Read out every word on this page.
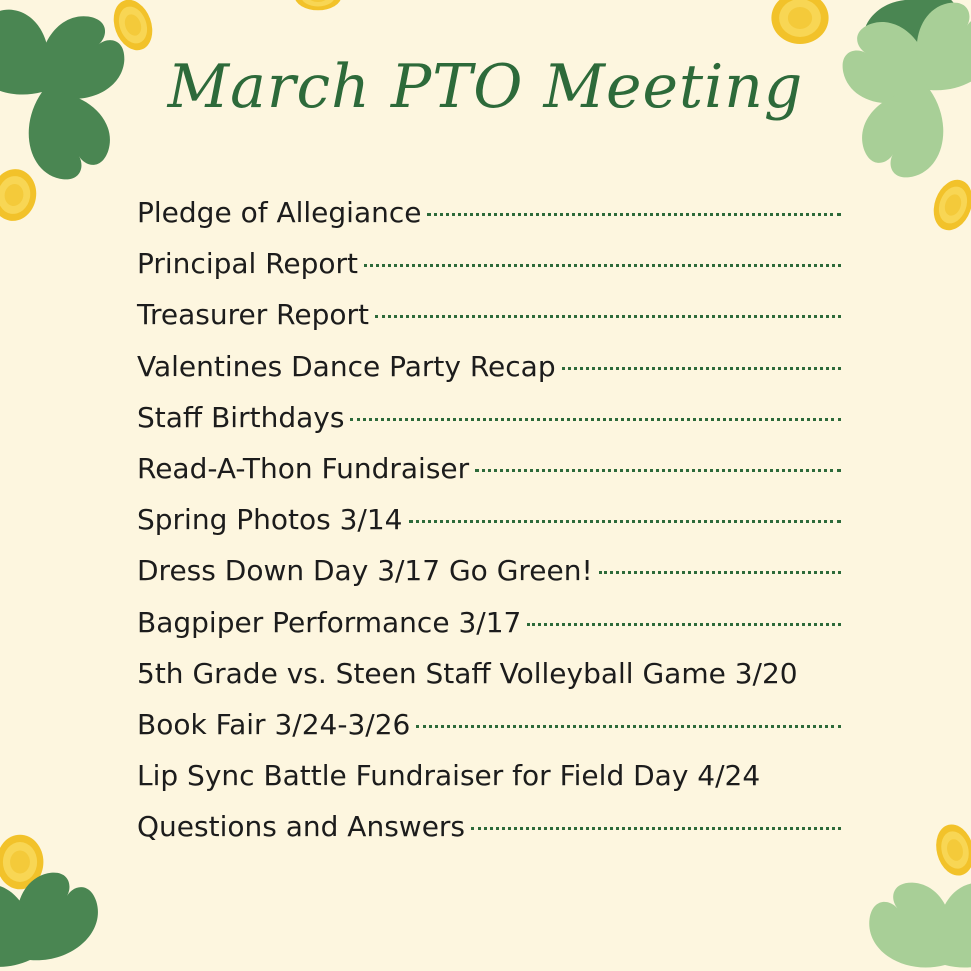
March PTO Meeting
Pledge of Allegiance
Principal Report
Treasurer Report
Valentines Dance Party Recap
Staff Birthdays
Read-A-Thon Fundraiser
Spring Photos 3/14
Dress Down Day 3/17 Go Green!
Bagpiper Performance 3/17
5th Grade vs. Steen Staff Volleyball Game 3/20
Book Fair 3/24-3/26
Lip Sync Battle Fundraiser for Field Day 4/24
Questions and Answers
